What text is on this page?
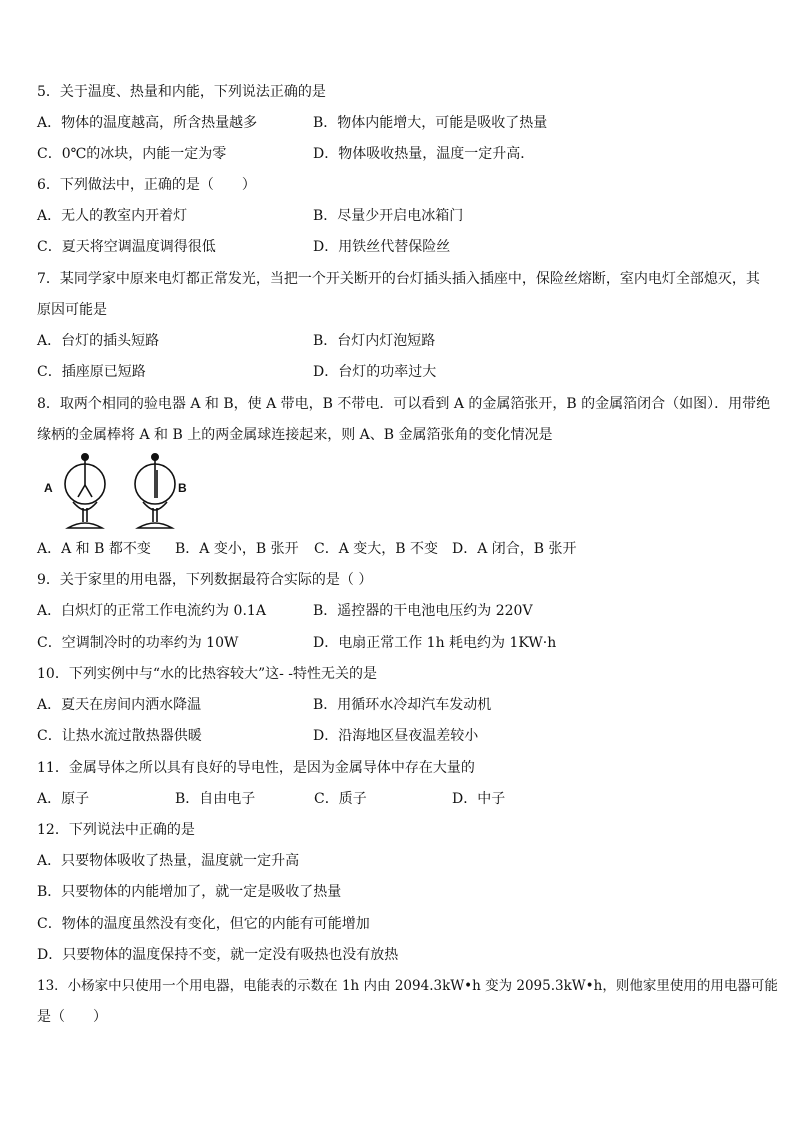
5．关于温度、热量和内能，下列说法正确的是
A．物体的温度越高，所含热量越多	B．物体内能增大，可能是吸收了热量
C．0℃的冰块，内能一定为零	D．物体吸收热量，温度一定升高．
6．下列做法中，正确的是（　　）
A．无人的教室内开着灯	B．尽量少开启电冰箱门
C．夏天将空调温度调得很低	D．用铁丝代替保险丝
7．某同学家中原来电灯都正常发光，当把一个开关断开的台灯插头插入插座中，保险丝熔断，室内电灯全部熄灭，其
原因可能是
A．台灯的插头短路	B．台灯内灯泡短路
C．插座原已短路	D．台灯的功率过大
8．取两个相同的验电器 A 和 B，使 A 带电，B 不带电．可以看到 A 的金属箔张开，B 的金属箔闭合（如图）．用带绝
缘柄的金属棒将 A 和 B 上的两金属球连接起来，则 A、B 金属箔张角的变化情况是
A	B
A．A 和 B 都不变 B．A 变小，B 张开 C．A 变大，B 不变 D．A 闭合，B 张开
9．关于家里的用电器，下列数据最符合实际的是（ ）
A．白炽灯的正常工作电流约为 0.1A	B．遥控器的干电池电压约为 220V
C．空调制冷时的功率约为 10W	D．电扇正常工作 1h 耗电约为 1KW·h
10．下列实例中与“水的比热容较大”这- -特性无关的是
A．夏天在房间内洒水降温	B．用循环水冷却汽车发动机
C．让热水流过散热器供暖	D．沿海地区昼夜温差较小
11．金属导体之所以具有良好的导电性，是因为金属导体中存在大量的
A．原子	B．自由电子	C．质子	D．中子
12．下列说法中正确的是
A．只要物体吸收了热量，温度就一定升高
B．只要物体的内能增加了，就一定是吸收了热量
C．物体的温度虽然没有变化，但它的内能有可能增加
D．只要物体的温度保持不变，就一定没有吸热也没有放热
13．小杨家中只使用一个用电器，电能表的示数在 1h 内由 2094.3kW•h 变为 2095.3kW•h，则他家里使用的用电器可能
是（　　）
